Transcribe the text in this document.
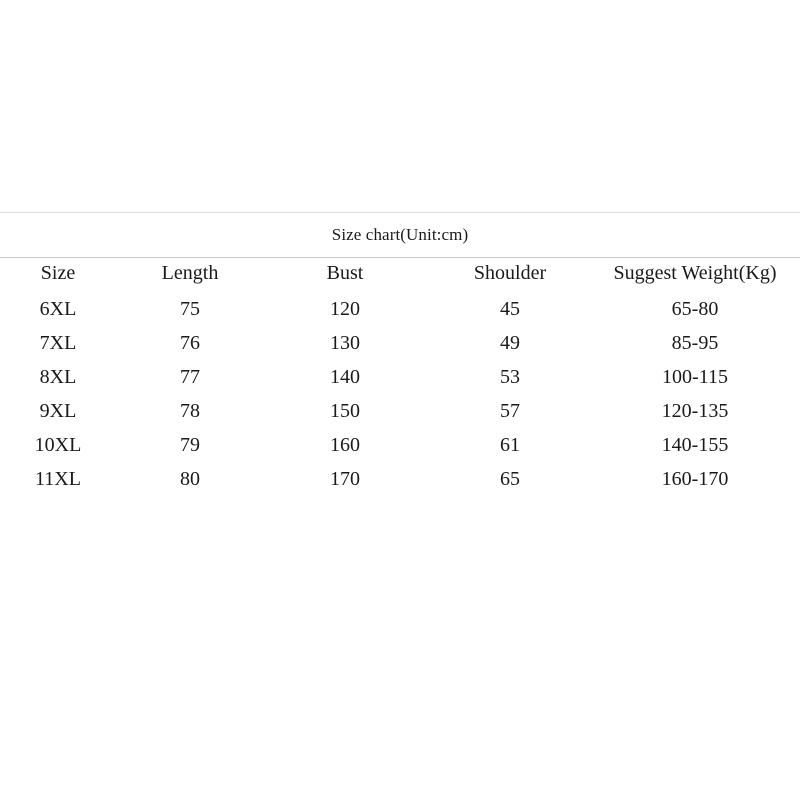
Size chart(Unit:cm)
Size	Length	Bust	Shoulder	Suggest Weight(Kg)
6XL	75	120	45	65-80
7XL	76	130	49	85-95
8XL	77	140	53	100-115
9XL	78	150	57	120-135
10XL	79	160	61	140-155
11XL	80	170	65	160-170
